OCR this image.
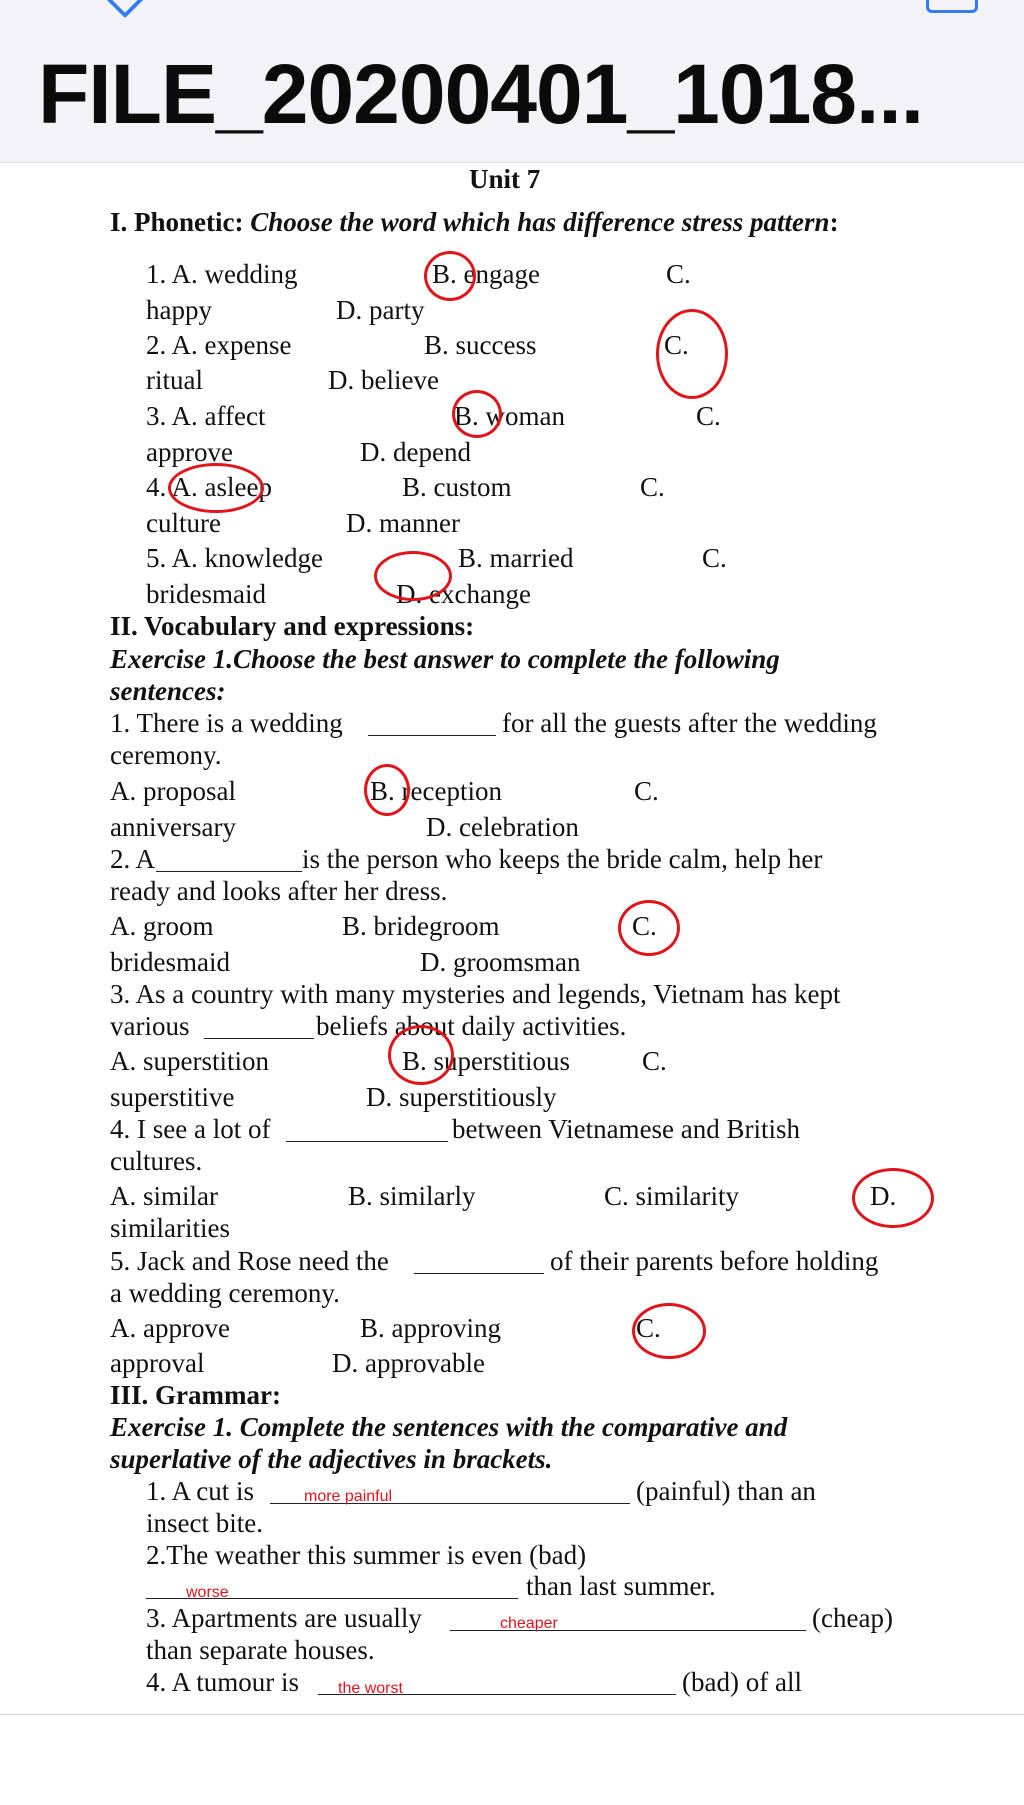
FILE_20200401_1018...
Unit 7
I. Phonetic: Choose the word which has difference stress pattern:
1. A. wedding	B. engage	C.
happy	D. party
2. A. expense	B. success	C.
ritual	D. believe
3. A. affect	B. woman	C.
approve	D. depend
4. A. asleep	B. custom	C.
culture	D. manner
5. A. knowledge	B. married	C.
bridesmaid	D. exchange
II. Vocabulary and expressions:
Exercise 1.Choose the best answer to complete the following
sentences:
1. There is a wedding	for all the guests after the wedding
ceremony.
A. proposal	B. reception	C.
anniversary	D. celebration
2. A	is the person who keeps the bride calm, help her
ready and looks after her dress.
A. groom	B. bridegroom	C.
bridesmaid	D. groomsman
3. As a country with many mysteries and legends, Vietnam has kept
various	beliefs about daily activities.
A. superstition	B. superstitious	C.
superstitive	D. superstitiously
4. I see a lot of	between Vietnamese and British
cultures.
A. similar	B. similarly	C. similarity	D.
similarities
5. Jack and Rose need the	of their parents before holding
a wedding ceremony.
A. approve	B. approving	C.
approval	D. approvable
III. Grammar:
Exercise 1. Complete the sentences with the comparative and
superlative of the adjectives in brackets.
1. A cut is	more painful	(painful) than an
insect bite.
2.The weather this summer is even (bad)
worse	than last summer.
3. Apartments are usually	cheaper	(cheap)
than separate houses.
4. A tumour is the worst	(bad) of all
